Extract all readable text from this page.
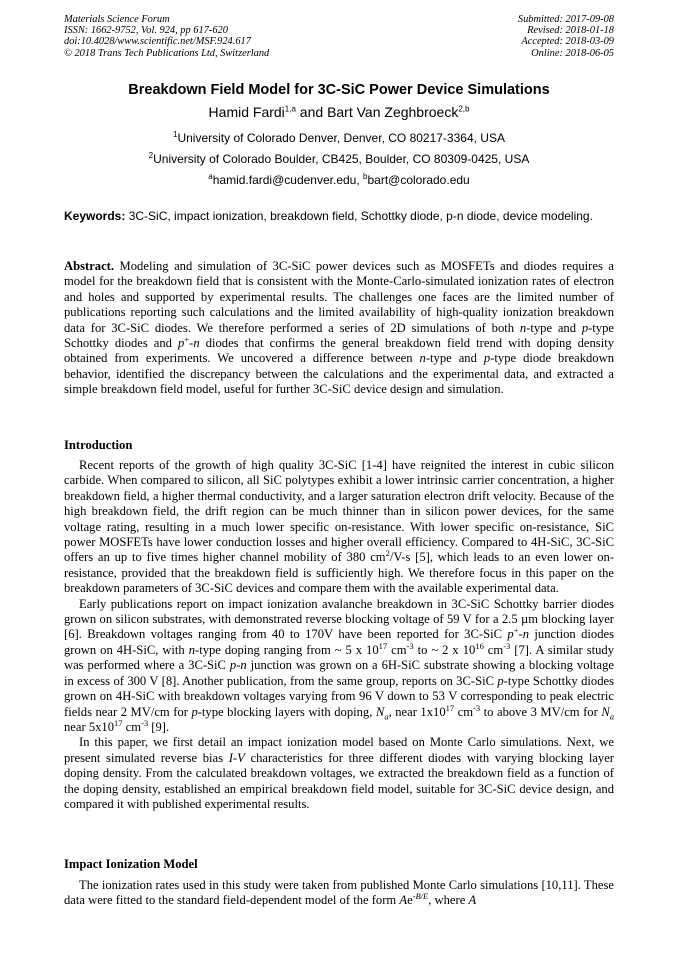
Materials Science Forum
ISSN: 1662-9752, Vol. 924, pp 617-620
doi:10.4028/www.scientific.net/MSF.924.617
© 2018 Trans Tech Publications Ltd, Switzerland
Submitted: 2017-09-08
Revised: 2018-01-18
Accepted: 2018-03-09
Online: 2018-06-05
Breakdown Field Model for 3C-SiC Power Device Simulations
Hamid Fardi$^{1,a}$ and Bart Van Zeghbroeck$^{2,b}$
$^1$University of Colorado Denver, Denver, CO 80217-3364, USA
$^2$University of Colorado Boulder, CB425, Boulder, CO 80309-0425, USA
$^a$hamid.fardi@cudenver.edu, $^b$bart@colorado.edu
Keywords: 3C-SiC, impact ionization, breakdown field, Schottky diode, p-n diode, device modeling.

Abstract. Modeling and simulation of 3C-SiC power devices such as MOSFETs and diodes requires a model for the breakdown field that is consistent with the Monte-Carlo-simulated ionization rates of electron and holes and supported by experimental results. The challenges one faces are the limited number of publications reporting such calculations and the limited availability of high-quality ionization breakdown data for 3C-SiC diodes. We therefore performed a series of 2D simulations of both n-type and p-type Schottky diodes and p+-n diodes that confirms the general breakdown field trend with doping density obtained from experiments. We uncovered a difference between n-type and p-type diode breakdown behavior, identified the discrepancy between the calculations and the experimental data, and extracted a simple breakdown field model, useful for further 3C-SiC device design and simulation.

Introduction

Recent reports of the growth of high quality 3C-SiC [1-4] have reignited the interest in cubic silicon carbide. When compared to silicon, all SiC polytypes exhibit a lower intrinsic carrier concentration, a higher breakdown field, a higher thermal conductivity, and a larger saturation electron drift velocity. Because of the high breakdown field, the drift region can be much thinner than in silicon power devices, for the same voltage rating, resulting in a much lower specific on-resistance. With lower specific on-resistance, SiC power MOSFETs have lower conduction losses and higher overall efficiency. Compared to 4H-SiC, 3C-SiC offers an up to five times higher channel mobility of 380 $cm^2/V-s$ [5], which leads to an even lower on-resistance, provided that the breakdown field is sufficiently high. We therefore focus in this paper on the breakdown parameters of 3C-SiC devices and compare them with the available experimental data.

Early publications report on impact ionization avalanche breakdown in 3C-SiC Schottky barrier diodes grown on silicon substrates, with demonstrated reverse blocking voltage of 59 V for a 2.5 µm blocking layer [6]. Breakdown voltages ranging from 40 to 170V have been reported for 3C-SiC p+-n junction diodes grown on 4H-SiC, with n-type doping ranging from ~ 5 x $10^{17}$ $cm^{-3}$ to ~ 2 x $10^{16}$ $cm^{-3}$ [7]. A similar study was performed where a 3C-SiC p-n junction was grown on a 6H-SiC substrate showing a blocking voltage in excess of 300 V [8]. Another publication, from the same group, reports on 3C-SiC p-type Schottky diodes grown on 4H-SiC with breakdown voltages varying from 96 V down to 53 V corresponding to peak electric fields near 2 MV/cm for p-type blocking layers with doping, $N_a$, near $1x10^{17}$ $cm^{-3}$ to above 3 MV/cm for $N_a$ near $5x10^{17}$ $cm^{-3}$ [9].

In this paper, we first detail an impact ionization model based on Monte Carlo simulations. Next, we present simulated reverse bias I-V characteristics for three different diodes with varying blocking layer doping density. From the calculated breakdown voltages, we extracted the breakdown field as a function of the doping density, established an empirical breakdown field model, suitable for 3C-SiC device design, and compared it with published experimental results.

Impact Ionization Model

The ionization rates used in this study were taken from published Monte Carlo simulations [10,11]. These data were fitted to the standard field-dependent model of the form $Ae^{-B/E}$, where A
